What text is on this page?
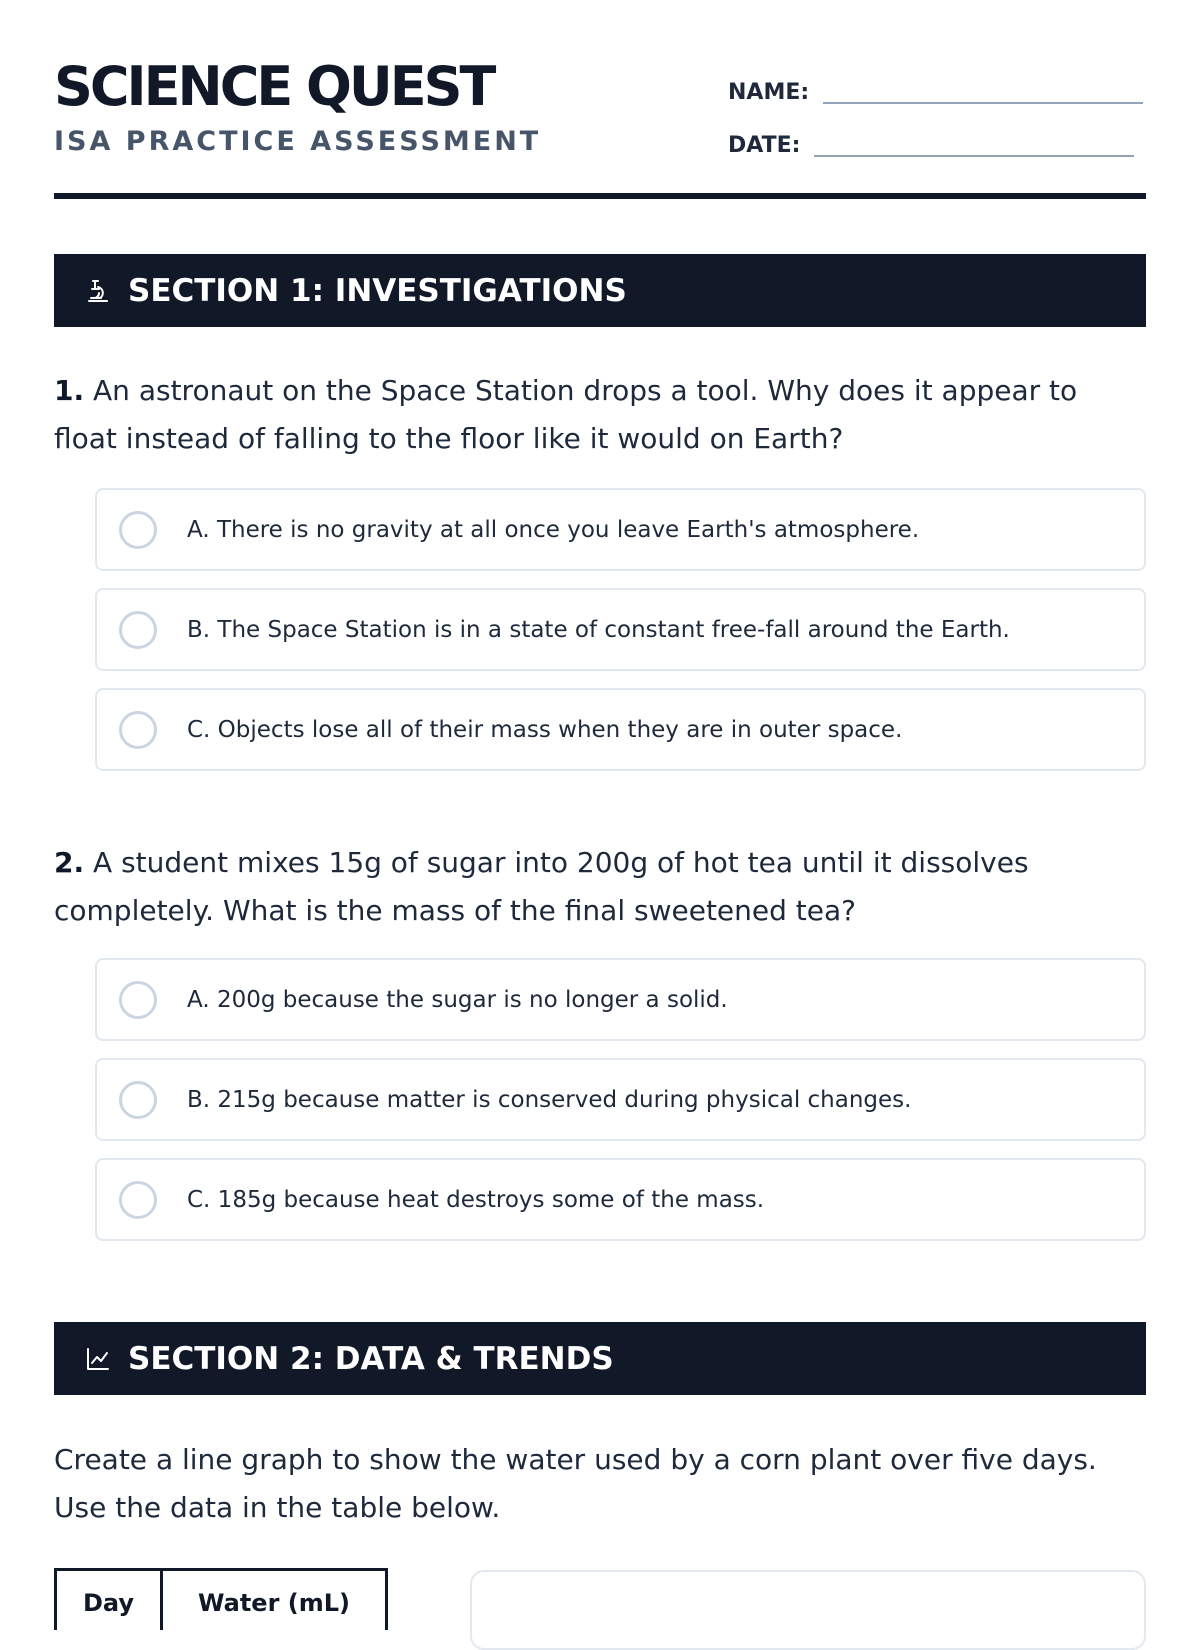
SCIENCE QUEST
ISA PRACTICE ASSESSMENT
NAME:
DATE:
SECTION 1: INVESTIGATIONS
1. An astronaut on the Space Station drops a tool. Why does it appear to float instead of falling to the floor like it would on Earth?
A. There is no gravity at all once you leave Earth's atmosphere.
B. The Space Station is in a state of constant free-fall around the Earth.
C. Objects lose all of their mass when they are in outer space.
2. A student mixes 15g of sugar into 200g of hot tea until it dissolves completely. What is the mass of the final sweetened tea?
A. 200g because the sugar is no longer a solid.
B. 215g because matter is conserved during physical changes.
C. 185g because heat destroys some of the mass.
SECTION 2: DATA & TRENDS
Create a line graph to show the water used by a corn plant over five days. Use the data in the table below.
Day	Water (mL)
